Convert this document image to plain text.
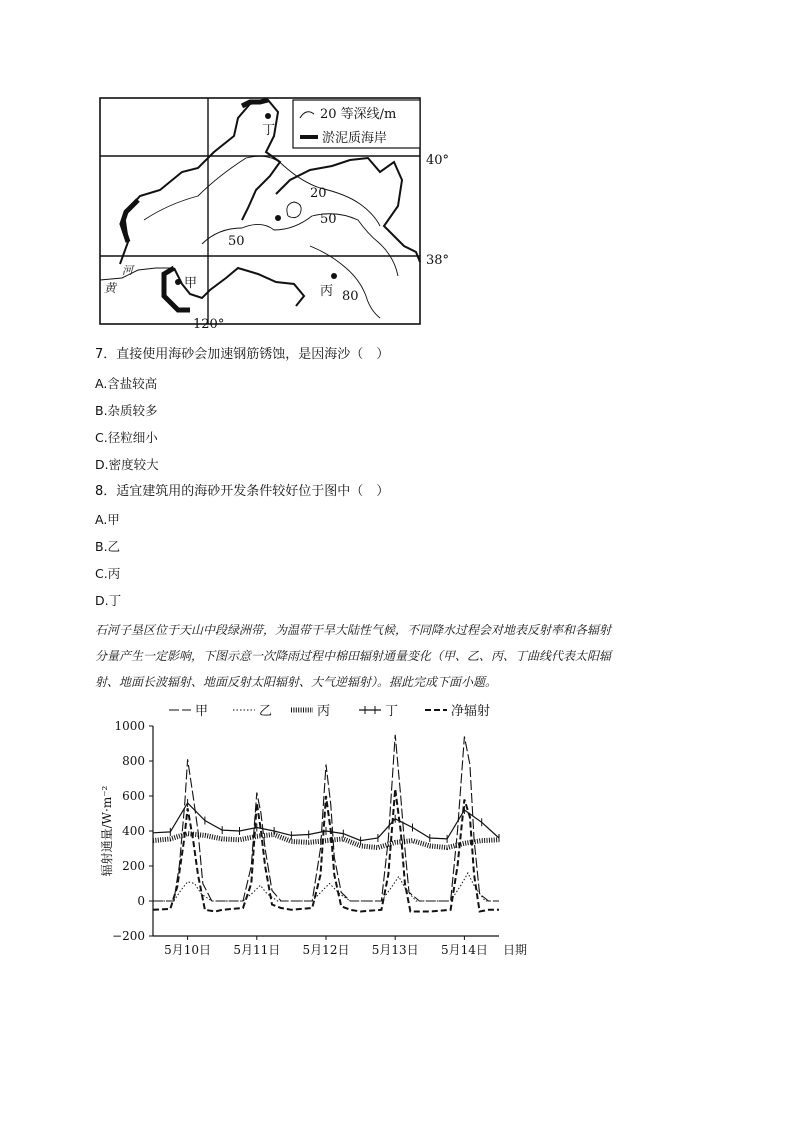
20 等深线/m
淤泥质海岸
甲
丁
丙
20
50
50
80
黄
河
40°
38°
120°
7．直接使用海砂会加速钢筋锈蚀，是因海沙（　）
A.含盐较高
B.杂质较多
C.径粒细小
D.密度较大
8．适宜建筑用的海砂开发条件较好位于图中（　）
A.甲
B.乙
C.丙
D.丁
石河子垦区位于天山中段绿洲带，为温带干旱大陆性气候，不同降水过程会对地表反射率和各辐射
分量产生一定影响，下图示意一次降雨过程中棉田辐射通量变化（甲、乙、丙、丁曲线代表太阳辐
射、地面长波辐射、地面反射太阳辐射、大气逆辐射）。据此完成下面小题。
−200
0
200
400
600
800
1000
5月10日 5月11日 5月12日 5月13日 5月14日 日期
辐射通量/W·m⁻²
甲	乙	丙	丁	净辐射
